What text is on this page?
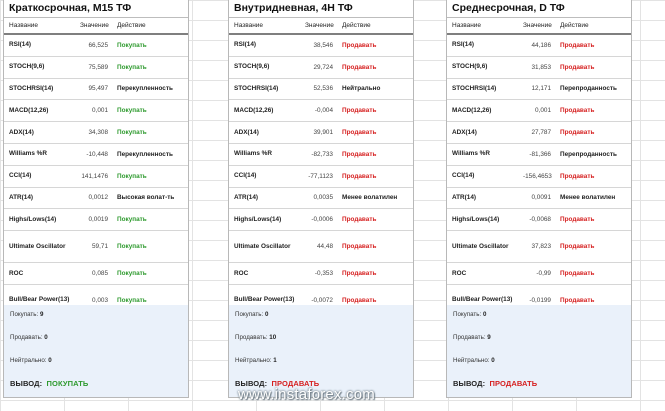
Краткосрочная, M15 ТФ
Название	Значение	Действие
RSI(14)	66,525	Покупать
STOCH(9,6)	75,589	Покупать
STOCHRSI(14)	95,497	Перекупленность
MACD(12,26)	0,001	Покупать
ADX(14)	34,308	Покупать
Williams %R	-10,448	Перекупленность
CCI(14)	141,1476	Покупать
ATR(14)	0,0012	Высокая волат-ть
Highs/Lows(14)	0,0019	Покупать
Ultimate Oscillator	59,71	Покупать
ROC	0,085	Покупать
Bull/Bear Power(13)	0,003	Покупать
Покупать: 9
Продавать: 0
Нейтрально: 0
ВЫВОД: ПОКУПАТЬ
Внутридневная, 4H ТФ
Название	Значение	Действие
RSI(14)	38,546	Продавать
STOCH(9,6)	29,724	Продавать
STOCHRSI(14)	52,536	Нейтрально
MACD(12,26)	-0,004	Продавать
ADX(14)	39,901	Продавать
Williams %R	-82,733	Продавать
CCI(14)	-77,1123	Продавать
ATR(14)	0,0035	Менее волатилен
Highs/Lows(14)	-0,0006	Продавать
Ultimate Oscillator	44,48	Продавать
ROC	-0,353	Продавать
Bull/Bear Power(13)	-0,0072	Продавать
Покупать: 0
Продавать: 10
Нейтрально: 1
ВЫВОД: ПРОДАВАТЬ
Среднесрочная, D ТФ
Название	Значение	Действие
RSI(14)	44,186	Продавать
STOCH(9,6)	31,853	Продавать
STOCHRSI(14)	12,171	Перепроданность
MACD(12,26)	0,001	Продавать
ADX(14)	27,787	Продавать
Williams %R	-81,366	Перепроданность
CCI(14)	-156,4653	Продавать
ATR(14)	0,0091	Менее волатилен
Highs/Lows(14)	-0,0068	Продавать
Ultimate Oscillator	37,823	Продавать
ROC	-0,99	Продавать
Bull/Bear Power(13)	-0,0199	Продавать
Покупать: 0
Продавать: 9
Нейтрально: 0
ВЫВОД: ПРОДАВАТЬ
www.instaforex.com
